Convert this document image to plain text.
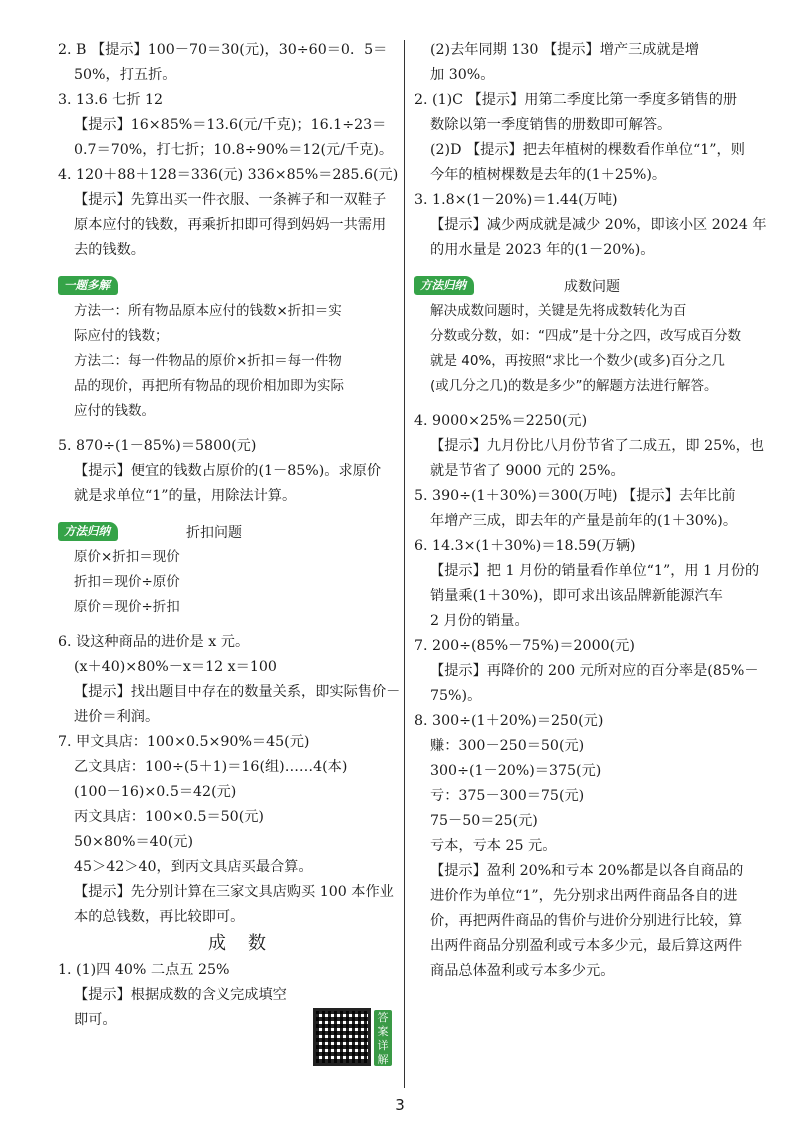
2. B 【提示】100－70＝30(元)，30÷60＝0．5＝
50%，打五折。
3. 13.6 七折 12
【提示】16×85%＝13.6(元/千克)；16.1÷23＝
0.7＝70%，打七折；10.8÷90%＝12(元/千克)。
4. 120＋88＋128＝336(元) 336×85%＝285.6(元)
【提示】先算出买一件衣服、一条裤子和一双鞋子
原本应付的钱数，再乘折扣即可得到妈妈一共需用
去的钱数。
一题多解
方法一：所有物品原本应付的钱数×折扣＝实
际应付的钱数；
方法二：每一件物品的原价×折扣＝每一件物
品的现价，再把所有物品的现价相加即为实际
应付的钱数。
5. 870÷(1－85%)＝5800(元)
【提示】便宜的钱数占原价的(1－85%)。求原价
就是求单位“1”的量，用除法计算。
方法归纳	折扣问题
原价×折扣＝现价
折扣＝现价÷原价
原价＝现价÷折扣
6. 设这种商品的进价是 x 元。
(x＋40)×80%－x＝12 x＝100
【提示】找出题目中存在的数量关系，即实际售价－
进价＝利润。
7. 甲文具店：100×0.5×90%＝45(元)
乙文具店：100÷(5＋1)＝16(组)……4(本)
(100－16)×0.5＝42(元)
丙文具店：100×0.5＝50(元)
50×80%＝40(元)
45＞42＞40，到丙文具店买最合算。
【提示】先分别计算在三家文具店购买 100 本作业
本的总钱数，再比较即可。
成数
1. (1)四 40% 二点五 25%
【提示】根据成数的含义完成填空
即可。	答案详解
(2)去年同期 130 【提示】增产三成就是增
加 30%。
2. (1)C 【提示】用第二季度比第一季度多销售的册
数除以第一季度销售的册数即可解答。
(2)D 【提示】把去年植树的棵数看作单位“1”，则
今年的植树棵数是去年的(1＋25%)。
3. 1.8×(1－20%)＝1.44(万吨)
【提示】减少两成就是减少 20%，即该小区 2024 年
的用水量是 2023 年的(1－20%)。
方法归纳	成数问题
解决成数问题时，关键是先将成数转化为百
分数或分数，如：“四成”是十分之四，改写成百分数
就是 40%，再按照“求比一个数少(或多)百分之几
(或几分之几)的数是多少”的解题方法进行解答。
4. 9000×25%＝2250(元)
【提示】九月份比八月份节省了二成五，即 25%，也
就是节省了 9000 元的 25%。
5. 390÷(1＋30%)＝300(万吨) 【提示】去年比前
年增产三成，即去年的产量是前年的(1＋30%)。
6. 14.3×(1＋30%)＝18.59(万辆)
【提示】把 1 月份的销量看作单位“1”，用 1 月份的
销量乘(1＋30%)，即可求出该品牌新能源汽车
2 月份的销量。
7. 200÷(85%－75%)＝2000(元)
【提示】再降价的 200 元所对应的百分率是(85%－
75%)。
8. 300÷(1＋20%)＝250(元)
赚：300－250＝50(元)
300÷(1－20%)＝375(元)
亏：375－300＝75(元)
75－50＝25(元)
亏本，亏本 25 元。
【提示】盈利 20%和亏本 20%都是以各自商品的
进价作为单位“1”，先分别求出两件商品各自的进
价，再把两件商品的售价与进价分别进行比较，算
出两件商品分别盈利或亏本多少元，最后算这两件
商品总体盈利或亏本多少元。
3
